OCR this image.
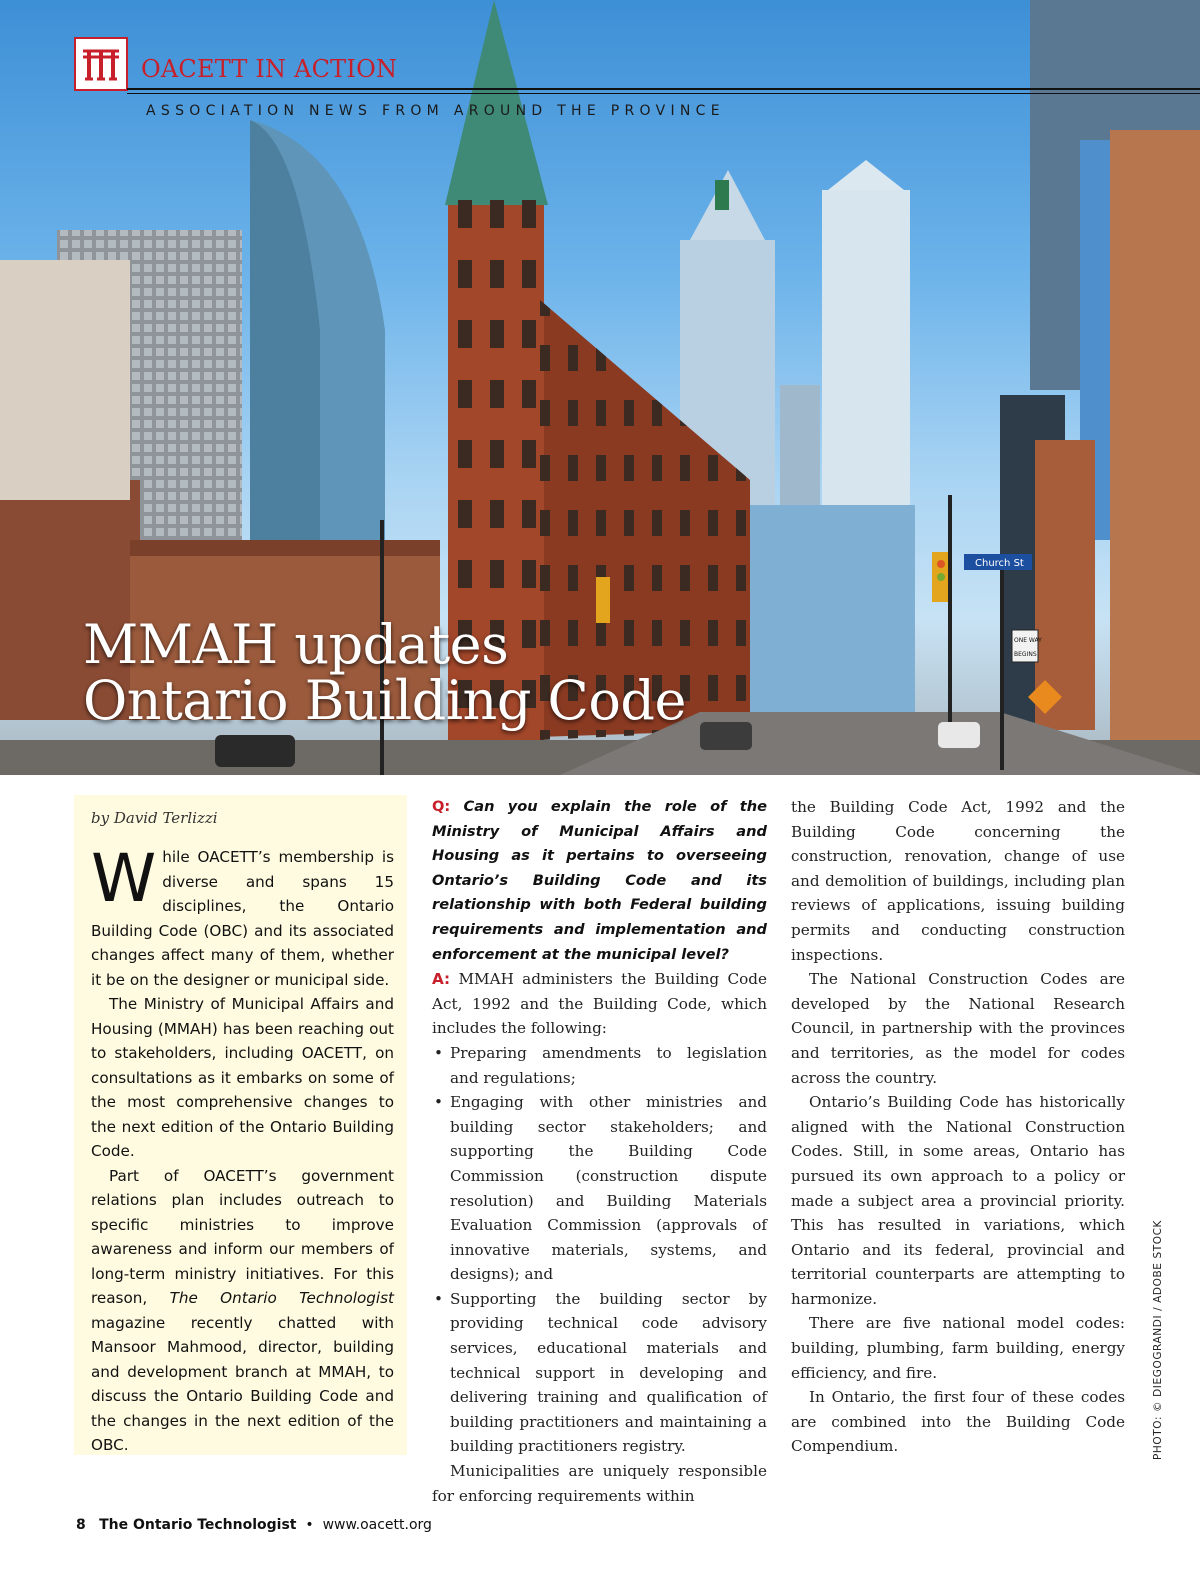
Church St
ONE WAY
BEGINS
MMAH updates
Ontario Building Code
OACETT IN ACTION
ASSOCIATION NEWS FROM AROUND THE PROVINCE
by David Terlizzi

While OACETT’s membership is diverse and spans 15 disciplines, the Ontario Building Code (OBC) and its associated changes affect many of them, whether it be on the designer or municipal side.

The Ministry of Municipal Affairs and Housing (MMAH) has been reaching out to stakeholders, including OACETT, on consultations as it embarks on some of the most comprehensive changes to the next edition of the Ontario Building Code.

Part of OACETT’s government relations plan includes outreach to specific ministries to improve awareness and inform our members of long-term ministry initiatives. For this reason, The Ontario Technologist magazine recently chatted with Mansoor Mahmood, director, building and development branch at MMAH, to discuss the Ontario Building Code and the changes in the next edition of the OBC.

Q: Can you explain the role of the Ministry of Municipal Affairs and Housing as it pertains to overseeing Ontario’s Building Code and its relationship with both Federal building requirements and implementation and enforcement at the municipal level?

A: MMAH administers the Building Code Act, 1992 and the Building Code, which includes the following:

• Preparing amendments to legislation and regulations;
• Engaging with other ministries and building sector stakeholders; and supporting the Building Code Commission (construction dispute resolution) and Building Materials Evaluation Commission (approvals of innovative materials, systems, and designs); and
• Supporting the building sector by providing technical code advisory services, educational materials and technical support in developing and delivering training and qualification of building practitioners and maintaining a building practitioners registry.

Municipalities are uniquely responsible for enforcing requirements within

the Building Code Act, 1992 and the Building Code concerning the construction, renovation, change of use and demolition of buildings, including plan reviews of applications, issuing building permits and conducting construction inspections.

The National Construction Codes are developed by the National Research Council, in partnership with the provinces and territories, as the model for codes across the country.

Ontario’s Building Code has historically aligned with the National Construction Codes. Still, in some areas, Ontario has pursued its own approach to a policy or made a subject area a provincial priority. This has resulted in variations, which Ontario and its federal, provincial and territorial counterparts are attempting to harmonize.

There are five national model codes: building, plumbing, farm building, energy efficiency, and fire.

In Ontario, the first four of these codes are combined into the Building Code Compendium.	PHOTO: © DIEGOGRANDI / ADOBE STOCK
8 The Ontario Technologist • www.oacett.org
